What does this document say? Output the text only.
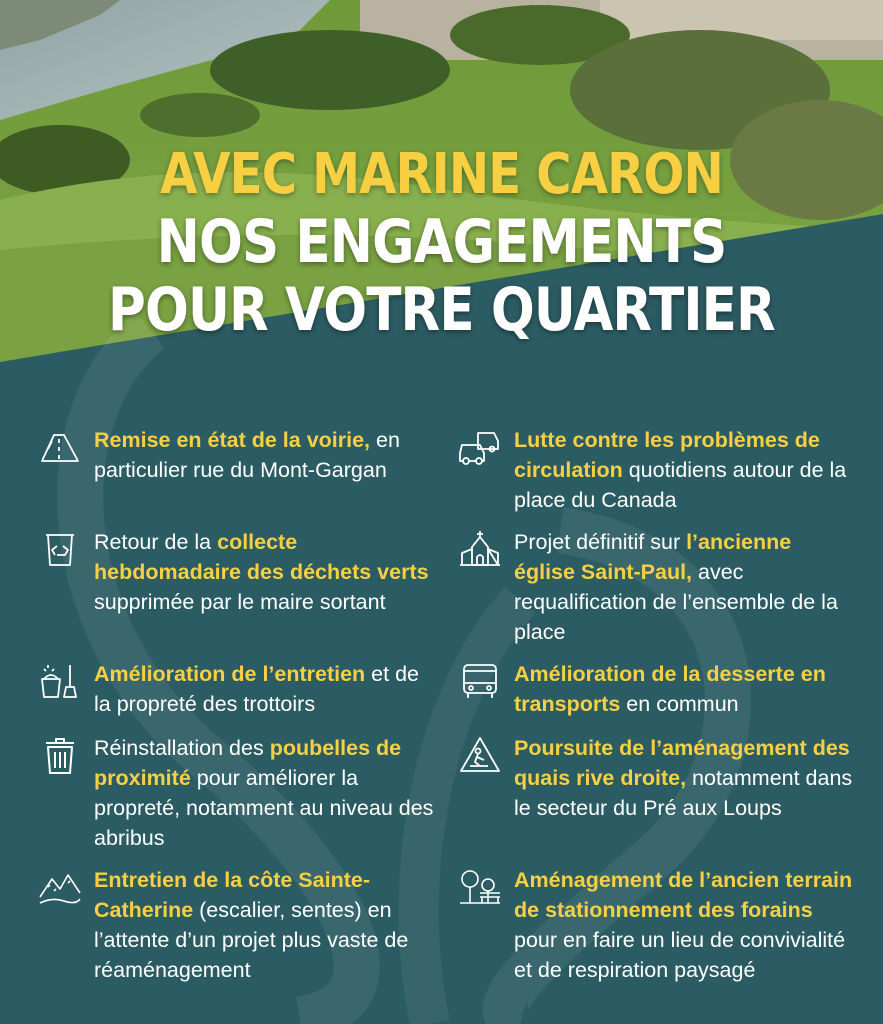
AVEC MARINE CARON
NOS ENGAGEMENTS
POUR VOTRE QUARTIER
Remise en état de la voirie, en particulier rue du Mont-Gargan
Retour de la collecte hebdomadaire des déchets verts supprimée par le maire sortant
Amélioration de l’entretien et de la propreté des trottoirs
Réinstallation des poubelles de proximité pour améliorer la propreté, notamment au niveau des abribus
Entretien de la côte Sainte-Catherine (escalier, sentes) en l’attente d’un projet plus vaste de réaménagement
Lutte contre les problèmes de circulation quotidiens autour de la place du Canada
Projet définitif sur l’ancienne église Saint-Paul, avec requalification de l’ensemble de la place
Amélioration de la desserte en transports en commun
Poursuite de l’aménagement des quais rive droite, notamment dans le secteur du Pré aux Loups
Aménagement de l’ancien terrain de stationnement des forains pour en faire un lieu de convivialité et de respiration paysagé
